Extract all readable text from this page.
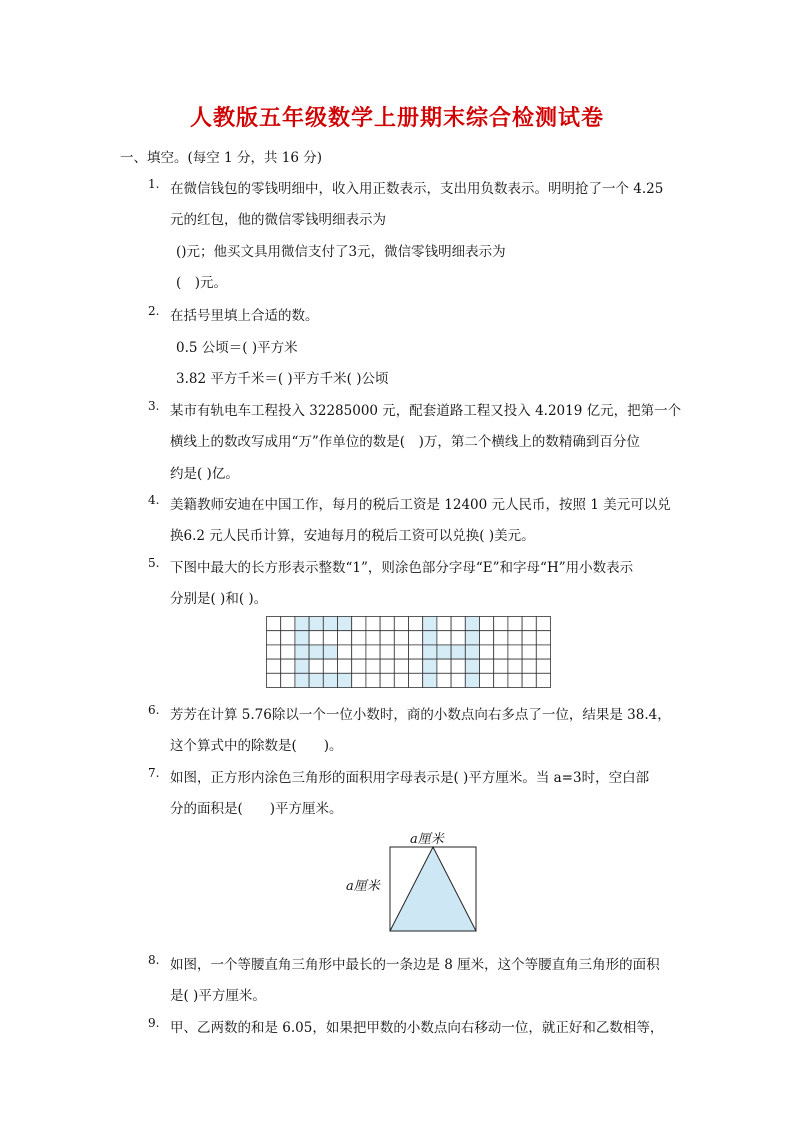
人教版五年级数学上册期末综合检测试卷
一、填空。(每空 1 分，共 16 分)
1. 在微信钱包的零钱明细中，收入用正数表示，支出用负数表示。明明抢了一个 4.25
元的红包，他的微信零钱明细表示为
()元；他买文具用微信支付了3元，微信零钱明细表示为
(　)元。
2. 在括号里填上合适的数。
0.5 公顷＝( )平方米
3.82 平方千米＝( )平方千米( )公顷
3. 某市有轨电车工程投入 32285000 元，配套道路工程又投入 4.2019 亿元，把第一个
横线上的数改写成用“万”作单位的数是(　)万，第二个横线上的数精确到百分位
约是( )亿。
4. 美籍教师安迪在中国工作，每月的税后工资是 12400 元人民币，按照 1 美元可以兑
换6.2 元人民币计算，安迪每月的税后工资可以兑换( )美元。
5. 下图中最大的长方形表示整数“1”，则涂色部分字母“E”和字母“H”用小数表示
分别是( )和( )。
6. 芳芳在计算 5.76除以一个一位小数时，商的小数点向右多点了一位，结果是 38.4，
这个算式中的除数是(　　)。
7. 如图，正方形内涂色三角形的面积用字母表示是( )平方厘米。当 a=3时，空白部
分的面积是(　　)平方厘米。
a厘米
a厘米
8. 如图，一个等腰直角三角形中最长的一条边是 8 厘米，这个等腰直角三角形的面积
是( )平方厘米。
9. 甲、乙两数的和是 6.05，如果把甲数的小数点向右移动一位，就正好和乙数相等，
